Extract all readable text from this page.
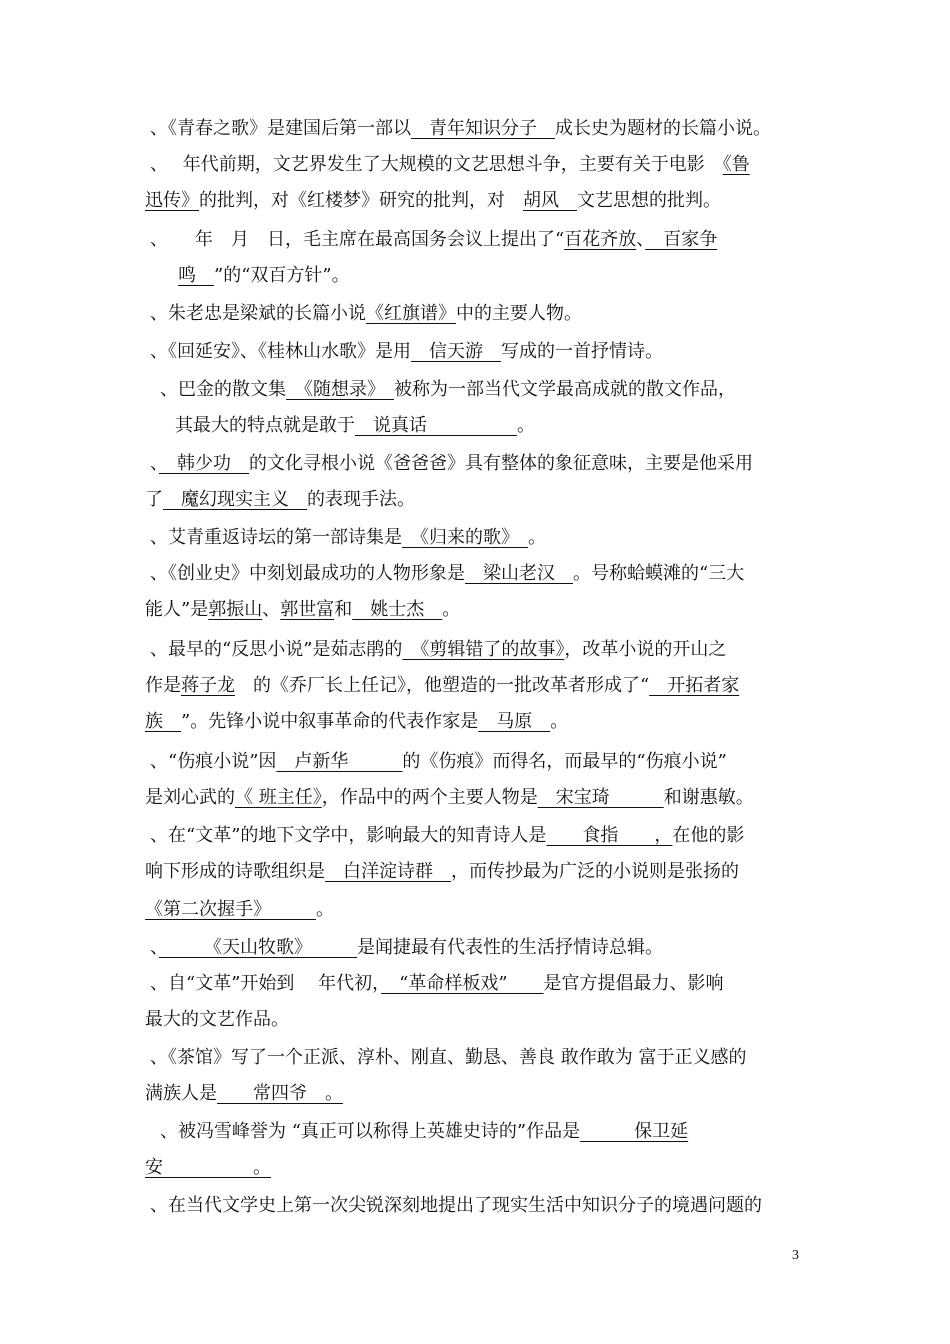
、《青春之歌》是建国后第一部以　青年知识分子　成长史为题材的长篇小说。
、　 年代前期，文艺界发生了大规模的文艺思想斗争，主要有关于电影　《鲁
迅传》的批判，对《红楼梦》研究的批判，对　胡风　文艺思想的批判。
、　　年　月　日，毛主席在最高国务会议上提出了“百花齐放、　百家争
鸣　”的“双百方针”。
、朱老忠是梁斌的长篇小说《红旗谱》中的主要人物。
、《回延安》、《桂林山水歌》是用　信天游　写成的一首抒情诗。
、巴金的散文集　《随想录》　被称为一部当代文学最高成就的散文作品，
其最大的特点就是敢于　说真话　　　　　。
、　韩少功　的文化寻根小说《爸爸爸》具有整体的象征意味，主要是他采用
了　魔幻现实主义　的表现手法。
、艾青重返诗坛的第一部诗集是　《归来的歌》　。
、《创业史》中刻划最成功的人物形象是　梁山老汉　。号称蛤蟆滩的“三大
能人”是郭振山、郭世富和　姚士杰　。
、最早的“反思小说”是茹志鹃的　《剪辑错了的故事》，改革小说的开山之
作是蒋子龙　的《乔厂长上任记》，他塑造的一批改革者形成了“　开拓者家
族　”。先锋小说中叙事革命的代表作家是　马原　。
、“伤痕小说”因　卢新华　　　的《伤痕》而得名，而最早的“伤痕小说”
是刘心武的《 班主任》，作品中的两个主要人物是　宋宝琦　　　和谢惠敏。
、在“文革”的地下文学中，影响最大的知青诗人是　　食指　　，在他的影
响下形成的诗歌组织是　白洋淀诗群　，而传抄最为广泛的小说则是张扬的
《第二次握手》　　　。
、　　　《天山牧歌》　　　是闻捷最有代表性的生活抒情诗总辑。
、自“文革”开始到　 年代初，　“革命样板戏”　　是官方提倡最力、影响
最大的文艺作品。
、《茶馆》写了一个正派、淳朴、刚直、勤恳、善良 敢作敢为 富于正义感的
满族人是　　常四爷　。
、被冯雪峰誉为 “真正可以称得上英雄史诗的”作品是　　　保卫延
安　　　　　。
、在当代文学史上第一次尖锐深刻地提出了现实生活中知识分子的境遇问题的
3
